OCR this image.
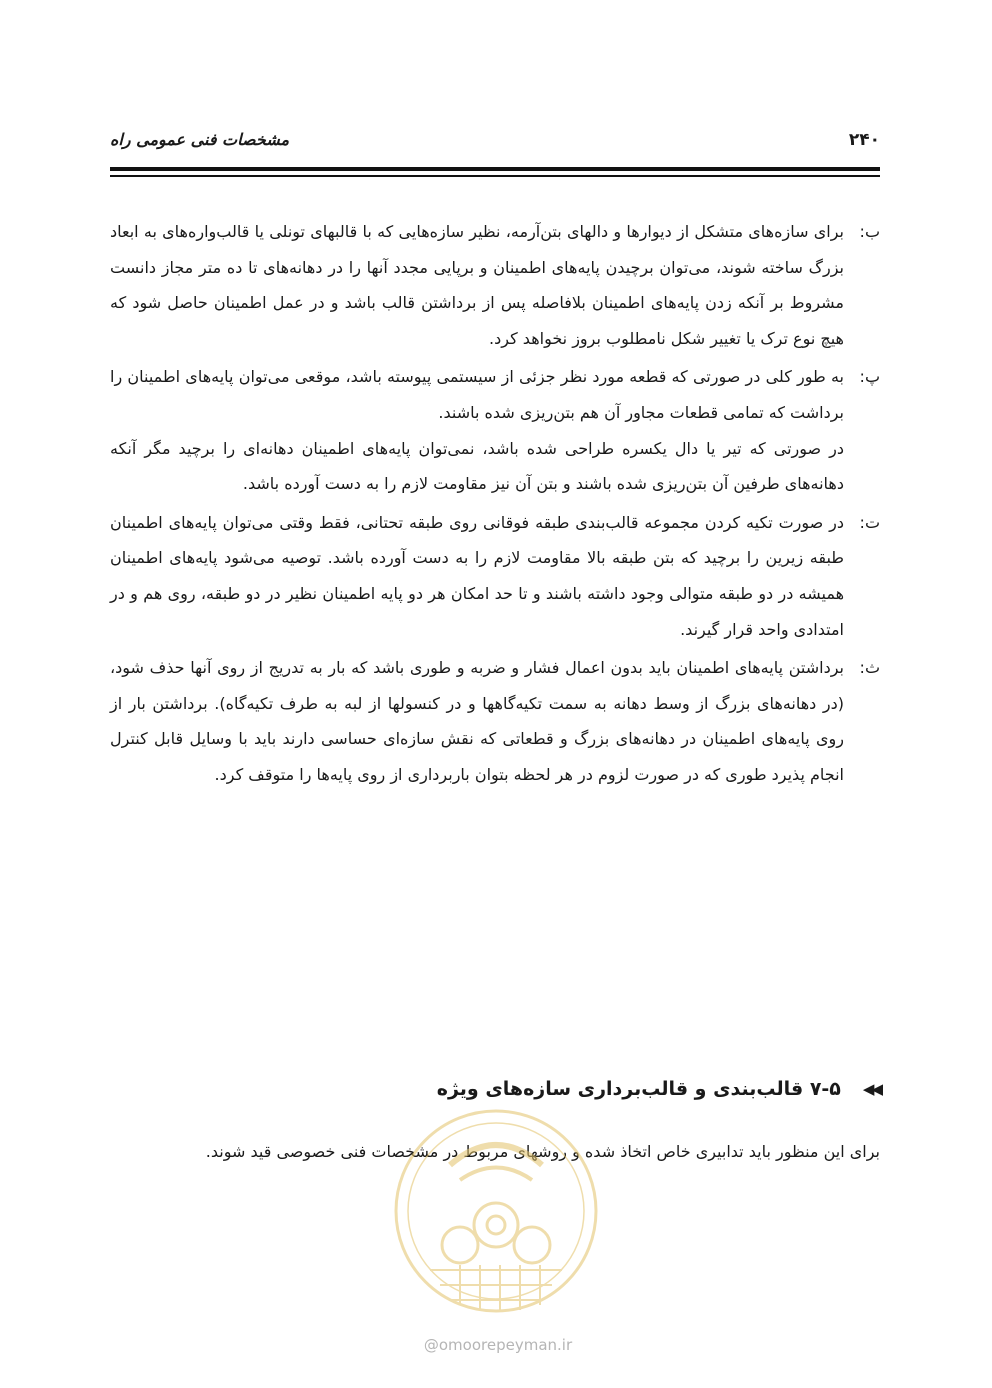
۲۴۰
مشخصات فنی عمومی راه
ب:

برای سازه‌های متشکل از دیوارها و دالهای بتن‌آرمه، نظیر سازه‌هایی که با قالبهای تونلی یا قالب‌واره‌های به ابعاد بزرگ ساخته شوند، می‌توان برچیدن پایه‌های اطمینان و برپایی مجدد آنها را در دهانه‌های تا ده متر مجاز دانست مشروط بر آنکه زدن پایه‌های اطمینان بلافاصله پس از برداشتن قالب باشد و در عمل اطمینان حاصل شود که هیچ نوع ترک یا تغییر شکل نامطلوب بروز نخواهد کرد.

پ:

به طور کلی در صورتی که قطعه مورد نظر جزئی از سیستمی پیوسته باشد، موقعی می‌توان پایه‌های اطمینان را برداشت که تمامی قطعات مجاور آن هم بتن‌ریزی شده باشند.

در صورتی که تیر یا دال یکسره طراحی شده باشد، نمی‌توان پایه‌های اطمینان دهانه‌ای را برچید مگر آنکه دهانه‌های طرفین آن بتن‌ریزی شده باشند و بتن آن نیز مقاومت لازم را به دست آورده باشد.

ت:

در صورت تکیه کردن مجموعه قالب‌بندی طبقه فوقانی روی طبقه تحتانی، فقط وقتی می‌توان پایه‌های اطمینان طبقه زیرین را برچید که بتن طبقه بالا مقاومت لازم را به دست آورده باشد. توصیه می‌شود پایه‌های اطمینان همیشه در دو طبقه متوالی وجود داشته باشند و تا حد امکان هر دو پایه اطمینان نظیر در دو طبقه، روی هم و در امتدادی واحد قرار گیرند.

ث:

برداشتن پایه‌های اطمینان باید بدون اعمال فشار و ضربه و طوری باشد که بار به تدریج از روی آنها حذف شود، (در دهانه‌های بزرگ از وسط دهانه به سمت تکیه‌گاهها و در کنسولها از لبه به طرف تکیه‌گاه). برداشتن بار از روی پایه‌های اطمینان در دهانه‌های بزرگ و قطعاتی که نقش سازه‌ای حساسی دارند باید با وسایل قابل کنترل انجام پذیرد طوری که در صورت لزوم در هر لحظه بتوان باربرداری از روی پایه‌ها را متوقف کرد.

◀◀
۷-۵ قالب‌بندی و قالب‌برداری سازه‌های ویژه
برای این منظور باید تدابیری خاص اتخاذ شده و روشهای مربوط در مشخصات فنی خصوصی قید شوند.
@omoorepeyman.ir
